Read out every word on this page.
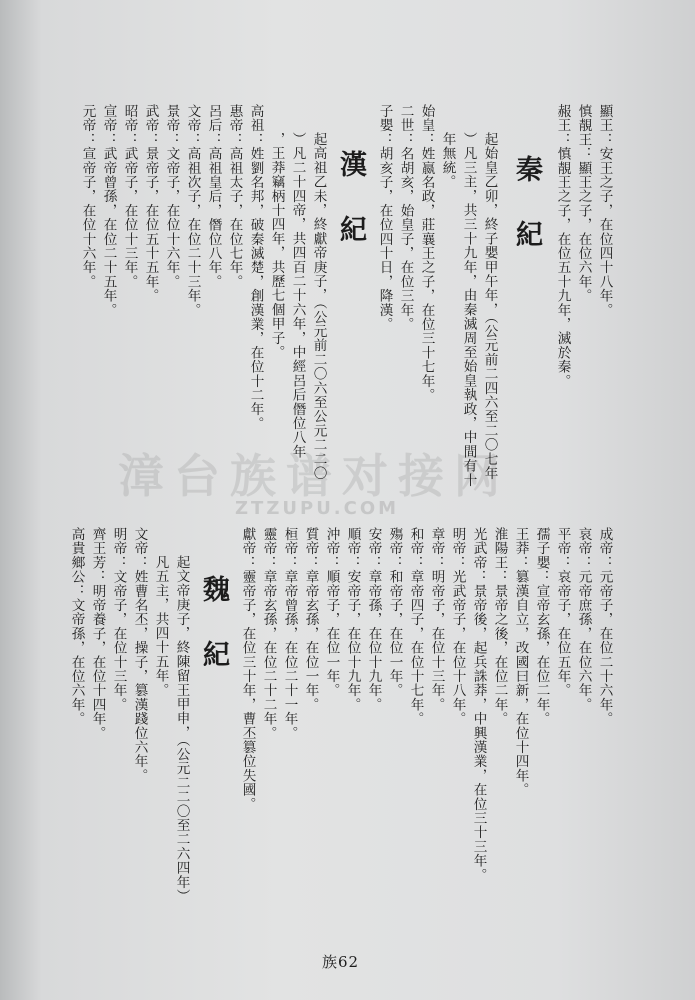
漳台族谱对接网
ZTZUPU.COM
顯王：安王之子，在位四十八年。
慎靚王：顯王之子，在位六年。
赧王：慎靚王之子，在位五十九年，滅於秦。
秦紀
起始皇乙卯，終子嬰甲午年，（公元前二四六至二〇七年
）凡三主，共三十九年，由秦滅周至始皇執政，中間有十
年無統。
始皇：姓嬴名政，莊襄王之子，在位三十七年。
二世：名胡亥，始皇子，在位三年。
子嬰：胡亥子，在位四十日，降漢。
漢紀
起高祖乙未，終獻帝庚子，（公元前二〇六至公元二二〇
）凡二十四帝，共四百二十六年，中經呂后僭位八年
，王莽竊柄十四年，共歷七個甲子。
高祖：姓劉名邦，破秦滅楚，創漢業，在位十二年。
惠帝：高祖太子，在位七年。
呂后：高祖皇后，僭位八年。
文帝：高祖次子，在位二十三年。
景帝：文帝子，在位十六年。
武帝：景帝子，在位五十五年。
昭帝：武帝子，在位十三年。
宣帝：武帝曾孫，在位二十五年。
元帝：宣帝子，在位十六年。
成帝：元帝子，在位二十六年。
哀帝：元帝庶孫，在位六年。
平帝：哀帝子，在位五年。
孺子嬰：宣帝玄孫，在位二年。
王莽：篡漢自立，改國曰新，在位十四年。
淮陽王：景帝之後，在位二年。
光武帝：景帝後，起兵誅莽，中興漢業，在位三十三年。
明帝：光武帝子，在位十八年。
章帝：明帝子，在位十三年。
和帝：章帝四子，在位十七年。
殤帝：和帝子，在位一年。
安帝：章帝孫，在位十九年。
順帝：安帝子，在位十九年。
沖帝：順帝子，在位一年。
質帝：章帝玄孫，在位一年。
桓帝：章帝曾孫，在位二十一年。
靈帝：章帝玄孫，在位二十二年。
獻帝：靈帝子，在位三十年，曹丕篡位失國。
魏紀
起文帝庚子，終陳留王甲申，（公元二二〇至二六四年）
凡五主，共四十五年。
文帝：姓曹名丕，操子，篡漢踐位六年。
明帝：文帝子，在位十三年。
齊王芳：明帝養子，在位十四年。
高貴鄉公：文帝孫，在位六年。
族62
